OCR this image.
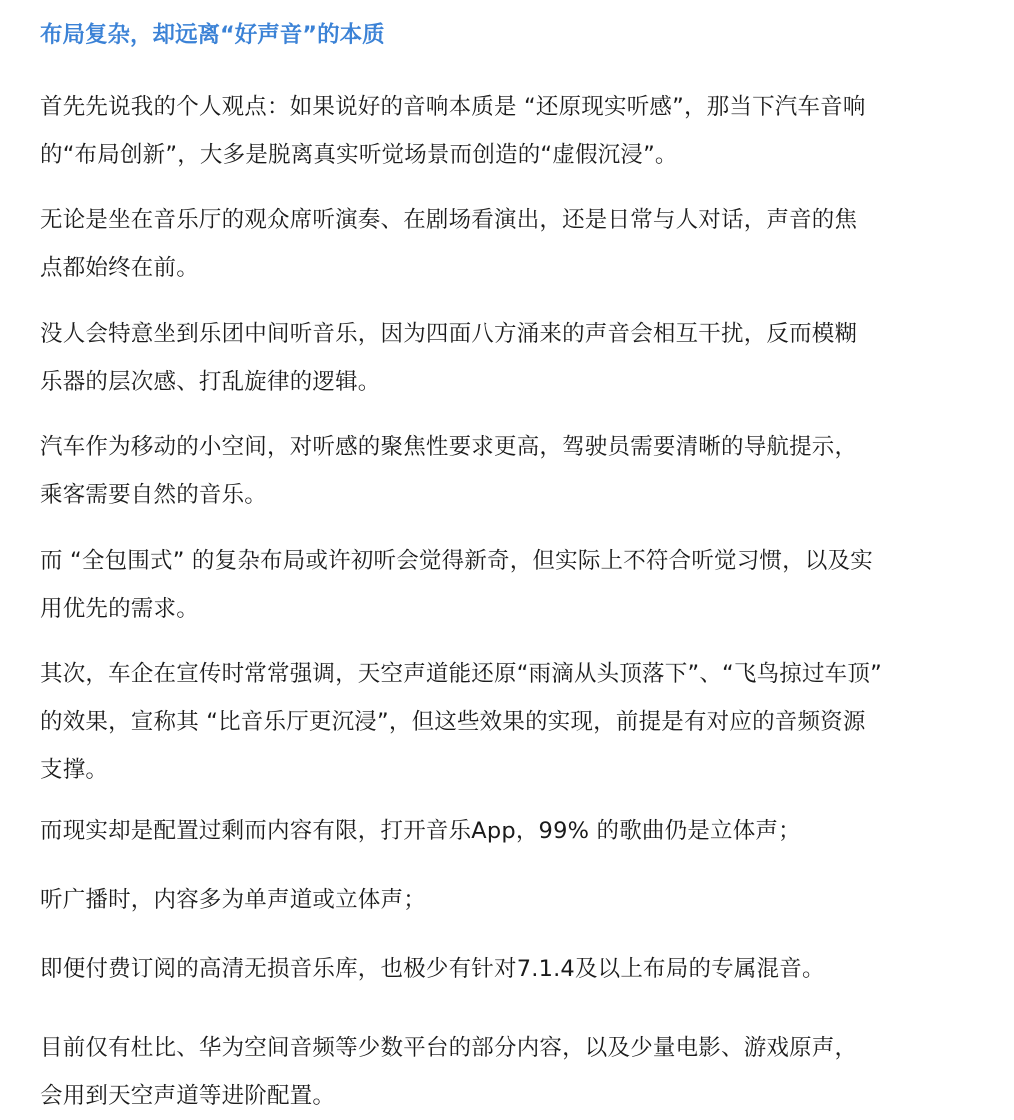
布局复杂，却远离“好声音”的本质
首先先说我的个人观点：如果说好的音响本质是 “还原现实听感”，那当下汽车音响
的“布局创新”，大多是脱离真实听觉场景而创造的“虚假沉浸”。
无论是坐在音乐厅的观众席听演奏、在剧场看演出，还是日常与人对话，声音的焦
点都始终在前。
没人会特意坐到乐团中间听音乐，因为四面八方涌来的声音会相互干扰，反而模糊
乐器的层次感、打乱旋律的逻辑。
汽车作为移动的小空间，对听感的聚焦性要求更高，驾驶员需要清晰的导航提示，
乘客需要自然的音乐。
而 “全包围式” 的复杂布局或许初听会觉得新奇，但实际上不符合听觉习惯，以及实
用优先的需求。
其次，车企在宣传时常常强调，天空声道能还原“雨滴从头顶落下”、“飞鸟掠过车顶”
的效果，宣称其 “比音乐厅更沉浸”，但这些效果的实现，前提是有对应的音频资源
支撑。
而现实却是配置过剩而内容有限，打开音乐App，99% 的歌曲仍是立体声；
听广播时，内容多为单声道或立体声；
即便付费订阅的高清无损音乐库，也极少有针对7.1.4及以上布局的专属混音。
目前仅有杜比、华为空间音频等少数平台的部分内容，以及少量电影、游戏原声，
会用到天空声道等进阶配置。
